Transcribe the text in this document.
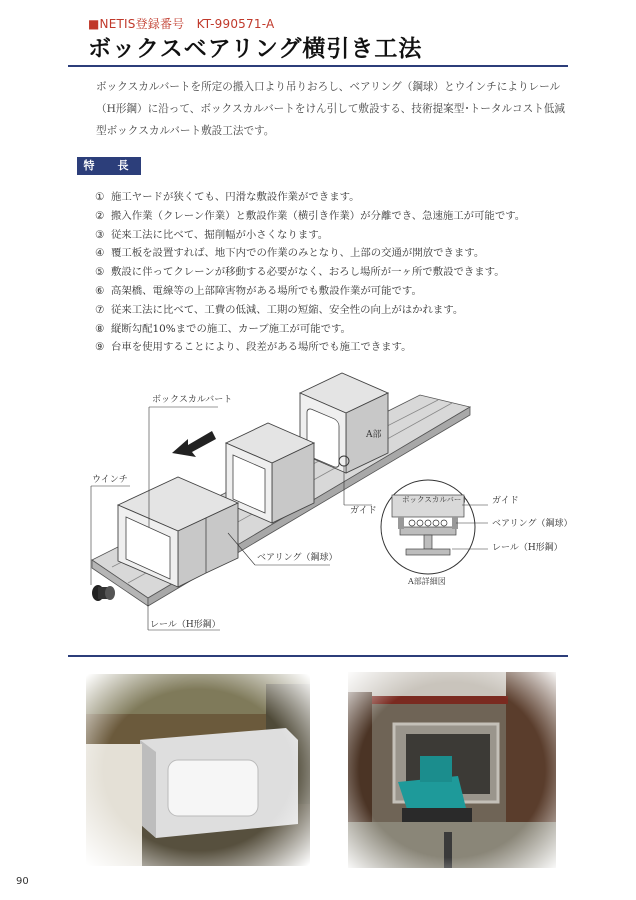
■NETIS登録番号　KT-990571-A
ボックスベアリング横引き工法
ボックスカルバートを所定の搬入口より吊りおろし、ベアリング（鋼球）とウインチによりレール（H形鋼）に沿って、ボックスカルバートをけん引して敷設する、技術提案型･トータルコスト低減型ボックスカルバート敷設工法です。
特　長
① 施工ヤードが狭くても、円滑な敷設作業ができます。
② 搬入作業（クレーン作業）と敷設作業（横引き作業）が分離でき、急速施工が可能です。
③ 従来工法に比べて、掘削幅が小さくなります。
④ 覆工板を設置すれば、地下内での作業のみとなり、上部の交通が開放できます。
⑤ 敷設に伴ってクレーンが移動する必要がなく、おろし場所が一ヶ所で敷設できます。
⑥ 高架橋、電線等の上部障害物がある場所でも敷設作業が可能です。
⑦ 従来工法に比べて、工費の低減、工期の短縮、安全性の向上がはかれます。
⑧ 縦断勾配10%までの施工、カーブ施工が可能です。
⑨ 台車を使用することにより、段差がある場所でも施工できます。
ボックスカルバート
ウインチ
A部
ガイド
ベアリング（鋼球）
レール（H形鋼）
ボックスカルバート	ガイド
ベアリング（鋼球）
レール（H形鋼）
A部詳細図
90
